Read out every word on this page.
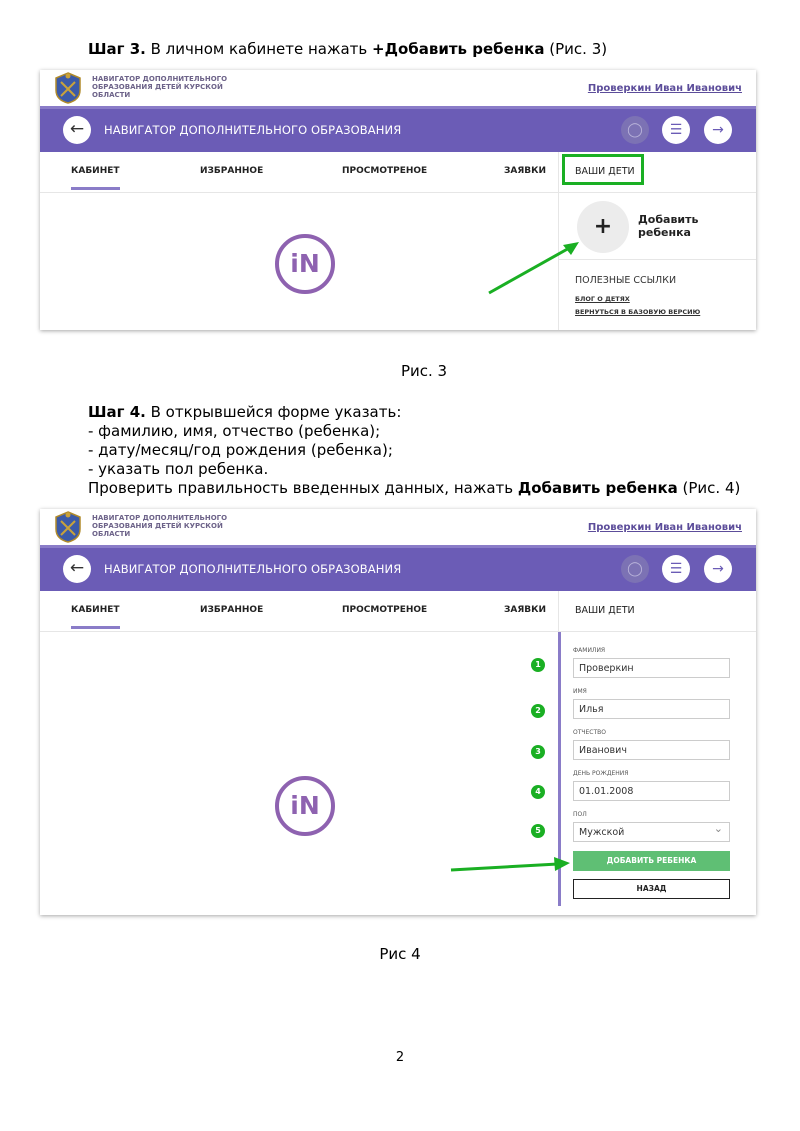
Шаг 3. В личном кабинете нажать +Добавить ребенка (Рис. 3)
НАВИГАТОР ДОПОЛНИТЕЛЬНОГО ОБРАЗОВАНИЯ ДЕТЕЙ КУРСКОЙ ОБЛАСТИ
Проверкин Иван Иванович
←	НАВИГАТОР ДОПОЛНИТЕЛЬНОГО ОБРАЗОВАНИЯ	◯	☰	→
КАБИНЕТ	ИЗБРАННОЕ	ПРОСМОТРЕНОЕ	ЗАЯВКИ	ВАШИ ДЕТИ
iN
+	Добавить ребенка
ПОЛЕЗНЫЕ ССЫЛКИ
БЛОГ О ДЕТЯХ
ВЕРНУТЬСЯ В БАЗОВУЮ ВЕРСИЮ
Рис. 3
Шаг 4. В открывшейся форме указать:
- фамилию, имя, отчество (ребенка);
- дату/месяц/год рождения (ребенка);
- указать пол ребенка.
Проверить правильность введенных данных, нажать Добавить ребенка (Рис. 4)
НАВИГАТОР ДОПОЛНИТЕЛЬНОГО ОБРАЗОВАНИЯ ДЕТЕЙ КУРСКОЙ ОБЛАСТИ
Проверкин Иван Иванович
←	НАВИГАТОР ДОПОЛНИТЕЛЬНОГО ОБРАЗОВАНИЯ	◯	☰	→
КАБИНЕТ	ИЗБРАННОЕ	ПРОСМОТРЕНОЕ	ЗАЯВКИ	ВАШИ ДЕТИ
iN
1
2
3
4
5
ФАМИЛИЯ
Проверкин
ИМЯ
Илья
ОТЧЕСТВО
Иванович
ДЕНЬ РОЖДЕНИЯ
01.01.2008
ПОЛ
Мужской ⌄
ДОБАВИТЬ РЕБЕНКА
НАЗАД
Рис 4
2
